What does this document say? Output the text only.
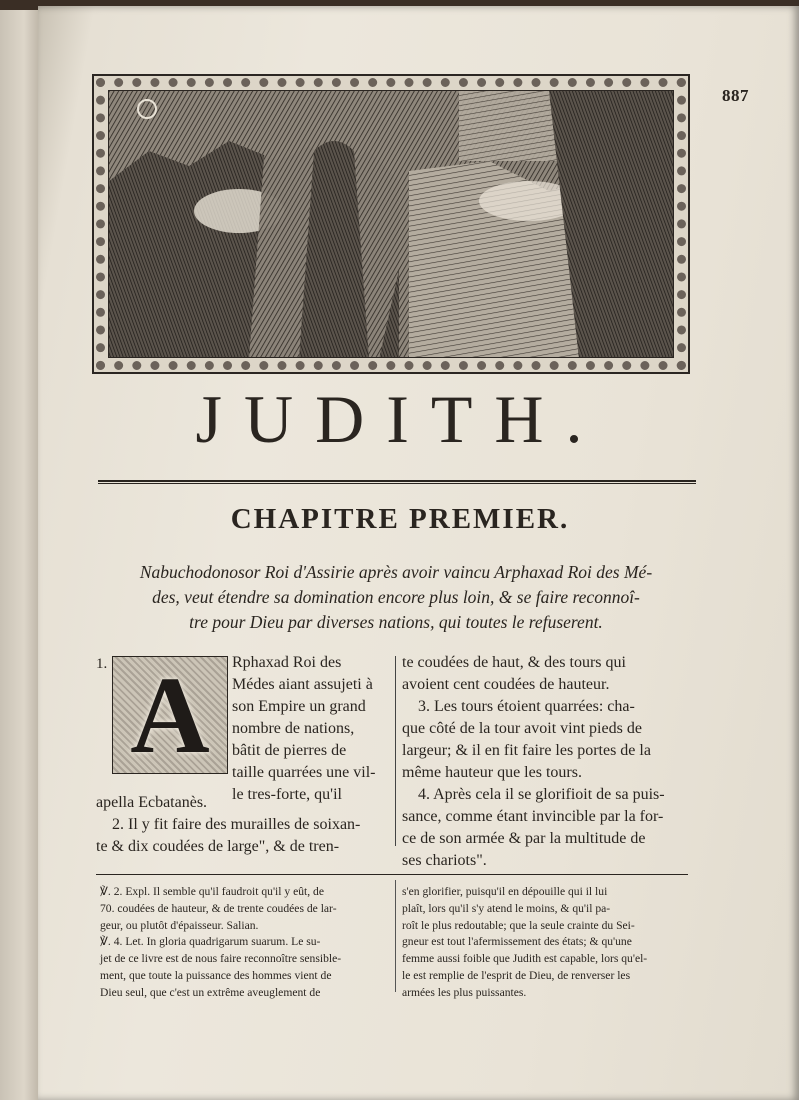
887
JUDITH.
CHAPITRE PREMIER.
Nabuchodonosor Roi d'Assirie après avoir vaincu Arphaxad Roi des Mé-
des, veut étendre sa domination encore plus loin, & se faire reconnoî-
tre pour Dieu par diverses nations, qui toutes le refuserent.
1. A	Rphaxad Roi des
Médes aiant assujeti à
son Empire un grand
nombre de nations,
bâtit de pierres de
taille quarrées une vil-
le tres-forte, qu'il
apella Ecbatanès.
2. Il y fit faire des murailles de soixan-
te & dix coudées de large", & de tren-
te coudées de haut, & des tours qui
avoient cent coudées de hauteur.
3. Les tours étoient quarrées: cha-
que côté de la tour avoit vint pieds de
largeur; & il en fit faire les portes de la
même hauteur que les tours.
4. Après cela il se glorifioit de sa puis-
sance, comme étant invincible par la for-
ce de son armée & par la multitude de
ses chariots".
℣. 2. Expl. Il semble qu'il faudroit qu'il y eût, de
70. coudées de hauteur, & de trente coudées de lar-
geur, ou plutôt d'épaisseur. Salian.
℣. 4. Let. In gloria quadrigarum suarum. Le su-
jet de ce livre est de nous faire reconnoître sensible-
ment, que toute la puissance des hommes vient de
Dieu seul, que c'est un extrême aveuglement de
s'en glorifier, puisqu'il en dépouille qui il lui
plaît, lors qu'il s'y atend le moins, & qu'il pa-
roît le plus redoutable; que la seule crainte du Sei-
gneur est tout l'afermissement des états; & qu'une
femme aussi foible que Judith est capable, lors qu'el-
le est remplie de l'esprit de Dieu, de renverser les
armées les plus puissantes.
